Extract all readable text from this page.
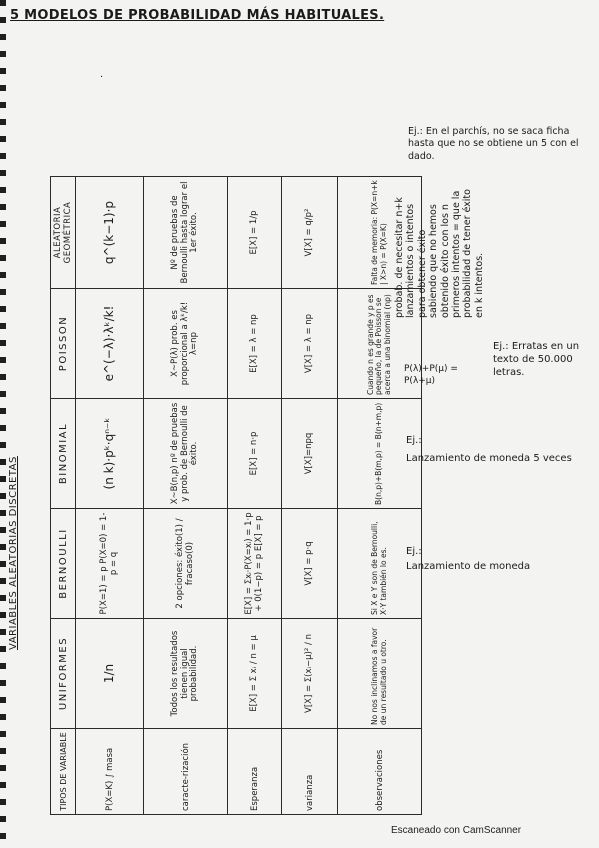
5 MODELOS DE PROBABILIDAD MÁS HABITUALES.
VARIABLES ALEATORIAS DISCRETAS
·
TIPOS DE VARIABLE	UNIFORMES	BERNOULLI	BINOMIAL	POISSON	ALEATORIA GEOMÉTRICA
P(X=K) ∫ masa	1/n	P(X=1) = p P(X=0) = 1-p = q	(n k)·pᵏ·qⁿ⁻ᵏ	e^(−λ)·λᵏ/k!	q^(k−1)·p
caracte-rización	Todos los resultados tienen igual probabilidad.	2 opciones: éxito(1) / fracaso(0)	X~B(n,p) nº de pruebas y prob. de Bernoulli de éxito.	X~P(λ) prob. es proporcional a λᵏ/k! λ=np	Nº de pruebas de Bernoulli hasta lograr el 1er éxito.
Esperanza	E[X] = Σ xᵢ / n = μ	E[X] = Σxᵢ·P(X=xᵢ) = 1·p + 0(1−p) = p E[X] = p	E[X] = n·p	E[X] = λ = np	E[X] = 1/p
varianza	V[X] = Σ(xᵢ−μ)² / n	V[X] = p·q	V[X]=npq	V[X] = λ = np	V[X] = q/p²
observaciones	No nos inclinamos a favor de un resultado u otro.	Si X e Y son de Bernoulli, X·Y también lo es.	B(n,p)+B(m,p) = B(n+m,p)	Cuando n es grande y p es pequeño, la de Poisson se acerca a una binomial (np)	Falta de memoria: P(X=n+k | X>n) = P(X=K)
Ej.: En el parchís, no se saca ficha hasta que no se obtiene un 5 con el dado.
probab. de necesitar n+k lanzamientos o intentos para obtener éxito sabiendo que no hemos obtenido éxito con los n primeros intentos = que la probabilidad de tener éxito en k intentos.
Ej.: Erratas en un texto de 50.000 letras.
P(λ)+P(μ) = P(λ+μ)
Ej.:
Lanzamiento de moneda 5 veces
Ej.:
Lanzamiento de moneda
Escaneado con CamScanner
